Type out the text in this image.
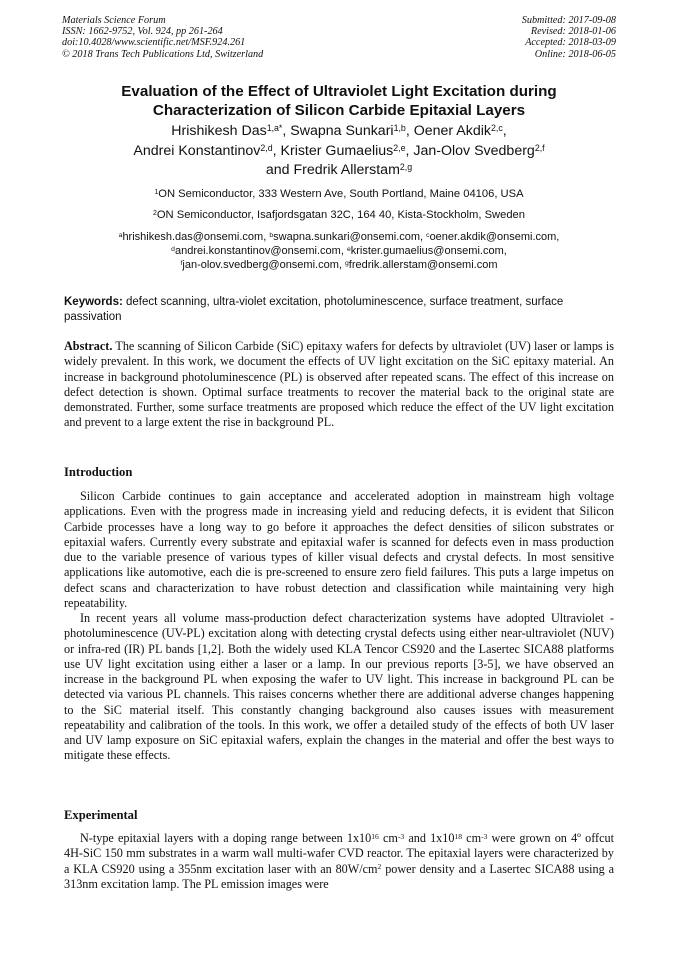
Materials Science Forum
ISSN: 1662-9752, Vol. 924, pp 261-264
doi:10.4028/www.scientific.net/MSF.924.261
© 2018 Trans Tech Publications Ltd, Switzerland
Submitted: 2017-09-08
Revised: 2018-01-06
Accepted: 2018-03-09
Online: 2018-06-05
Evaluation of the Effect of Ultraviolet Light Excitation during
Characterization of Silicon Carbide Epitaxial Layers
Hrishikesh Das$^{1,a*}$, Swapna Sunkari$^{1,b}$, Oener Akdik$^{2,c}$,
Andrei Konstantinov$^{2,d}$, Krister Gumaelius$^{2,e}$, Jan-Olov Svedberg$^{2,f}$
and Fredrik Allerstam$^{2,g}$
$^1$ON Semiconductor, 333 Western Ave, South Portland, Maine 04106, USA
$^2$ON Semiconductor, Isafjordsgatan 32C, 164 40, Kista-Stockholm, Sweden
$^a$hrishikesh.das@onsemi.com, $^b$swapna.sunkari@onsemi.com, $^c$oener.akdik@onsemi.com,
$^d$andrei.konstantinov@onsemi.com, $^e$krister.gumaelius@onsemi.com,
$^f$jan-olov.svedberg@onsemi.com, $^g$fredrik.allerstam@onsemi.com
Keywords: defect scanning, ultra-violet excitation, photoluminescence, surface treatment, surface passivation

Abstract. The scanning of Silicon Carbide (SiC) epitaxy wafers for defects by ultraviolet (UV) laser or lamps is widely prevalent. In this work, we document the effects of UV light excitation on the SiC epitaxy material. An increase in background photoluminescence (PL) is observed after repeated scans. The effect of this increase on defect detection is shown. Optimal surface treatments to recover the material back to the original state are demonstrated. Further, some surface treatments are proposed which reduce the effect of the UV light excitation and prevent to a large extent the rise in background PL.

Introduction

Silicon Carbide continues to gain acceptance and accelerated adoption in mainstream high voltage applications. Even with the progress made in increasing yield and reducing defects, it is evident that Silicon Carbide processes have a long way to go before it approaches the defect densities of silicon substrates or epitaxial wafers. Currently every substrate and epitaxial wafer is scanned for defects even in mass production due to the variable presence of various types of killer visual defects and crystal defects. In most sensitive applications like automotive, each die is pre-screened to ensure zero field failures. This puts a large impetus on defect scans and characterization to have robust detection and classification while maintaining very high repeatability.

In recent years all volume mass-production defect characterization systems have adopted Ultraviolet - photoluminescence (UV-PL) excitation along with detecting crystal defects using either near-ultraviolet (NUV) or infra-red (IR) PL bands [1,2]. Both the widely used KLA Tencor CS920 and the Lasertec SICA88 platforms use UV light excitation using either a laser or a lamp. In our previous reports [3-5], we have observed an increase in the background PL when exposing the wafer to UV light. This increase in background PL can be detected via various PL channels. This raises concerns whether there are additional adverse changes happening to the SiC material itself. This constantly changing background also causes issues with measurement repeatability and calibration of the tools. In this work, we offer a detailed study of the effects of both UV laser and UV lamp exposure on SiC epitaxial wafers, explain the changes in the material and offer the best ways to mitigate these effects.

Experimental

N-type epitaxial layers with a doping range between $1x10^{16}$ $cm^{-3}$ and $1x10^{18}$ $cm^{-3}$ were grown on 4º offcut 4H-SiC 150 mm substrates in a warm wall multi-wafer CVD reactor. The epitaxial layers were characterized by a KLA CS920 using a 355nm excitation laser with an $80W/cm^2$ power density and a Lasertec SICA88 using a 313nm excitation lamp. The PL emission images were
